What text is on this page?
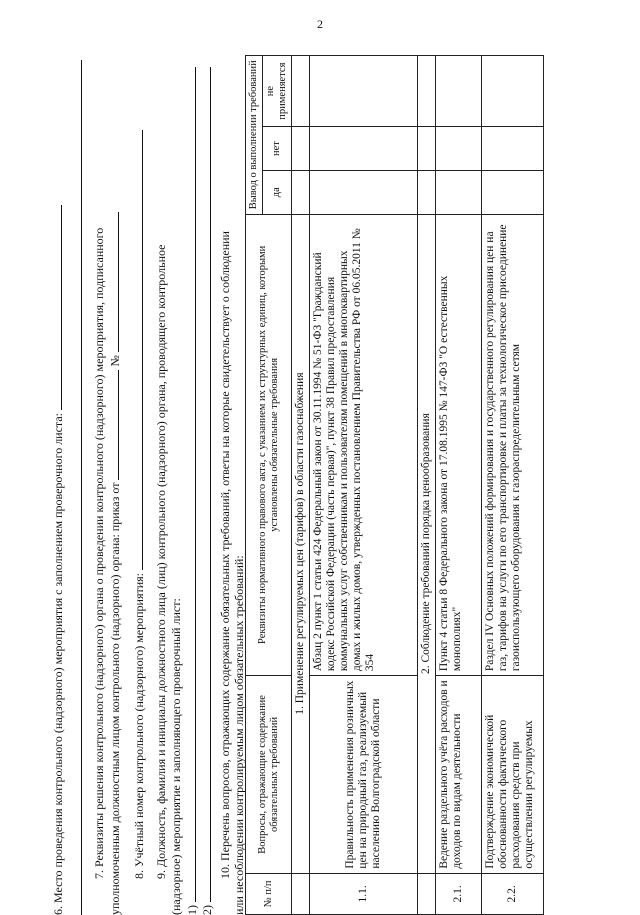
2
6. Место проведения контрольного (надзорного) мероприятия с заполнением проверочного листа: 7. Реквизиты решения контрольного (надзорного) органа о проведении контрольного (надзорного) мероприятия, подписанного уполномоченным должностным лицом контрольного (надзорного) органа: приказ от  №
8. Учётный номер контрольного (надзорного) мероприятия: 9. Должность, фамилия и инициалы должностного лица (лиц) контрольного (надзорного) органа, проводящего контрольное (надзорное) мероприятие и заполняющего проверочный лист: 1) 2)
10. Перечень вопросов, отражающих содержание обязательных требований, ответы на которые свидетельствует о соблюдении или несоблюдении контролируемым лицом обязательных требований: № п/п	Вопросы, отражающие содержание обязательных требований	Реквизиты нормативного правового акта, с указанием их структурных единиц, которыми установлены обязательные требования	Вывод о выполнении требований		
			да	нет	не применяется
	1. Применение регулируемых цен (тарифов) в области газоснабжения				
1.1.	Правильность применения розничных цен на природный газ, реализуемый населению Волгоградской области	Абзац 2 пункт 1 статьи 424 Федеральный закон от 30.11.1994 № 51-ФЗ "Гражданский кодекс Российской Федерации (часть первая)", пункт 38 Правил предоставления коммунальных услуг собственникам и пользователям помещений в многоквартирных домах и жилых домов, утвержденных постановлением Правительства РФ от 06.05.2011 № 354			
	2. Соблюдение требований порядка ценообразования				
2.1.	Ведение раздельного учёта расходов и доходов по видам деятельности	Пункт 4 статьи 8 Федерального закона от 17.08.1995 № 147-ФЗ "О естественных монополиях"			
2.2.	Подтверждение экономической обоснованности фактического расходования средств при осуществлении регулируемых	Раздел IV Основных положений формирования и государственного регулирования цен на газ, тарифов на услуги по его транспортировке и платы за технологическое присоединение газоиспользующего оборудования к газораспределительным сетям			
